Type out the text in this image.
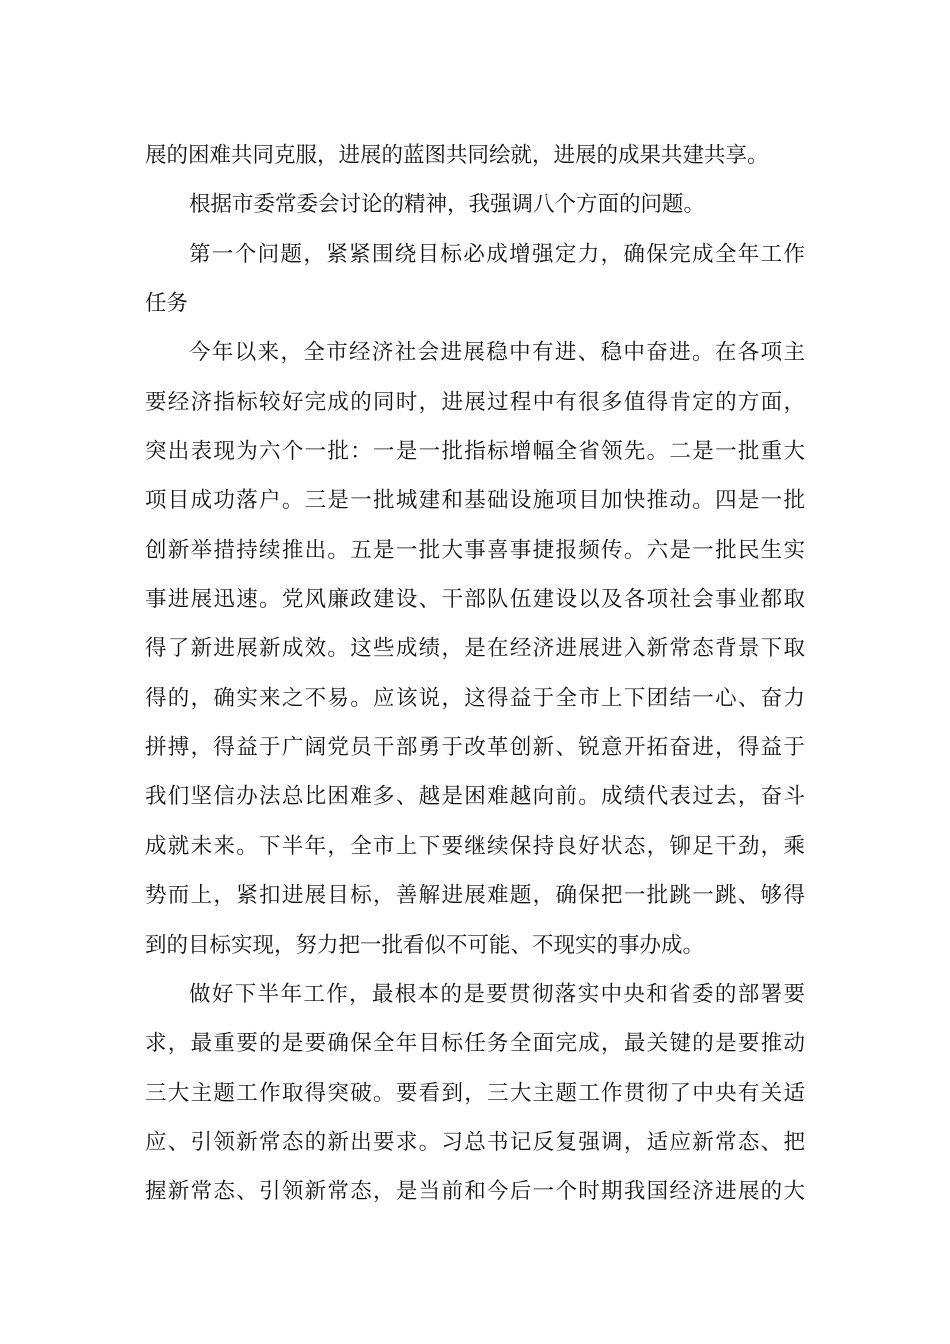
展的困难共同克服，进展的蓝图共同绘就，进展的成果共建共享。
根据市委常委会讨论的精神，我强调八个方面的问题。
第一个问题，紧紧围绕目标必成增强定力，确保完成全年工作
任务
今年以来，全市经济社会进展稳中有进、稳中奋进。在各项主
要经济指标较好完成的同时，进展过程中有很多值得肯定的方面，
突出表现为六个一批：一是一批指标增幅全省领先。二是一批重大
项目成功落户。三是一批城建和基础设施项目加快推动。四是一批
创新举措持续推出。五是一批大事喜事捷报频传。六是一批民生实
事进展迅速。党风廉政建设、干部队伍建设以及各项社会事业都取
得了新进展新成效。这些成绩，是在经济进展进入新常态背景下取
得的，确实来之不易。应该说，这得益于全市上下团结一心、奋力
拼搏，得益于广阔党员干部勇于改革创新、锐意开拓奋进，得益于
我们坚信办法总比困难多、越是困难越向前。成绩代表过去，奋斗
成就未来。下半年，全市上下要继续保持良好状态，铆足干劲，乘
势而上，紧扣进展目标，善解进展难题，确保把一批跳一跳、够得
到的目标实现，努力把一批看似不可能、不现实的事办成。
做好下半年工作，最根本的是要贯彻落实中央和省委的部署要
求，最重要的是要确保全年目标任务全面完成，最关键的是要推动
三大主题工作取得突破。要看到，三大主题工作贯彻了中央有关适
应、引领新常态的新出要求。习总书记反复强调，适应新常态、把
握新常态、引领新常态，是当前和今后一个时期我国经济进展的大
